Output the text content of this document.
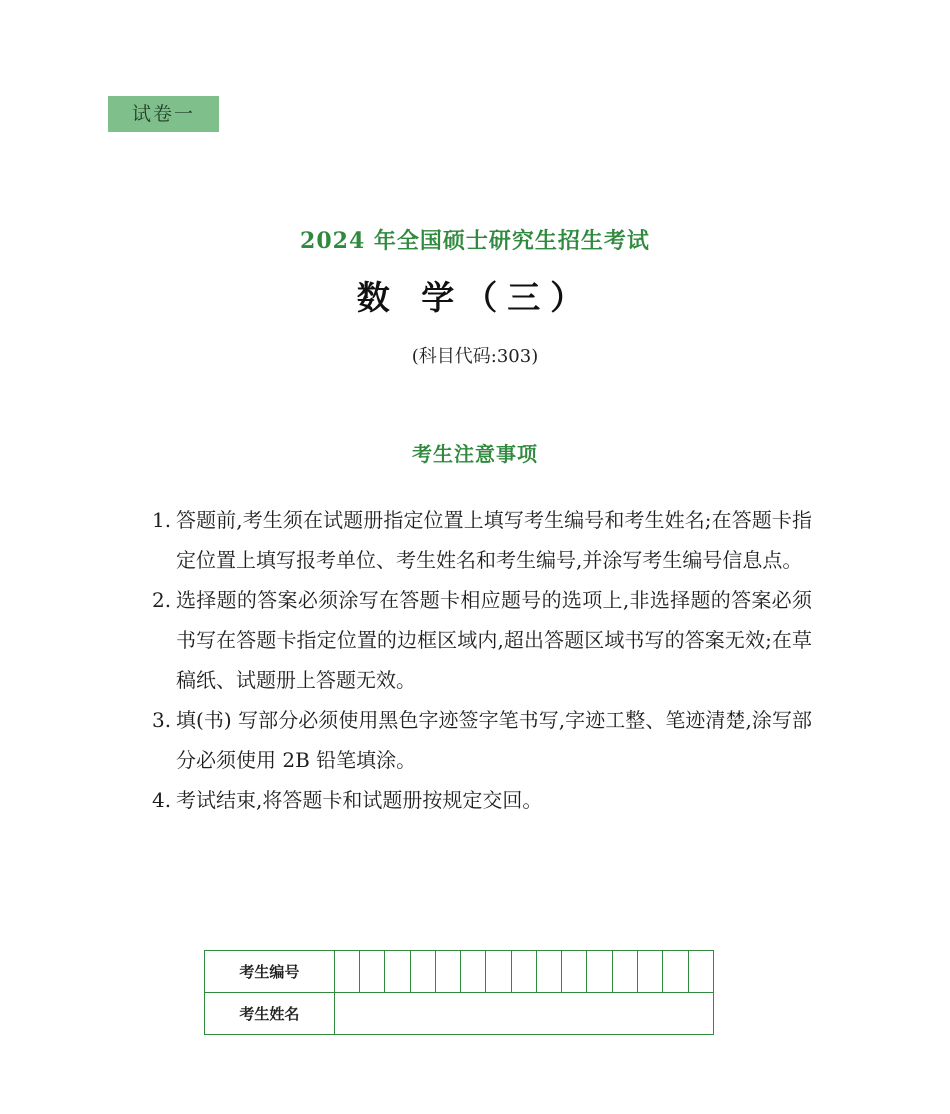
试卷一
2024 年全国硕士研究生招生考试
数 学（三）
(科目代码:303)
考生注意事项
1. 答题前,考生须在试题册指定位置上填写考生编号和考生姓名;在答题卡指定位置上填写报考单位、考生姓名和考生编号,并涂写考生编号信息点。
2. 选择题的答案必须涂写在答题卡相应题号的选项上,非选择题的答案必须书写在答题卡指定位置的边框区域内,超出答题区域书写的答案无效;在草稿纸、试题册上答题无效。
3. 填(书) 写部分必须使用黑色字迹签字笔书写,字迹工整、笔迹清楚,涂写部分必须使用 2B 铅笔填涂。
4. 考试结束,将答题卡和试题册按规定交回。
考生编号															
考生姓名															
